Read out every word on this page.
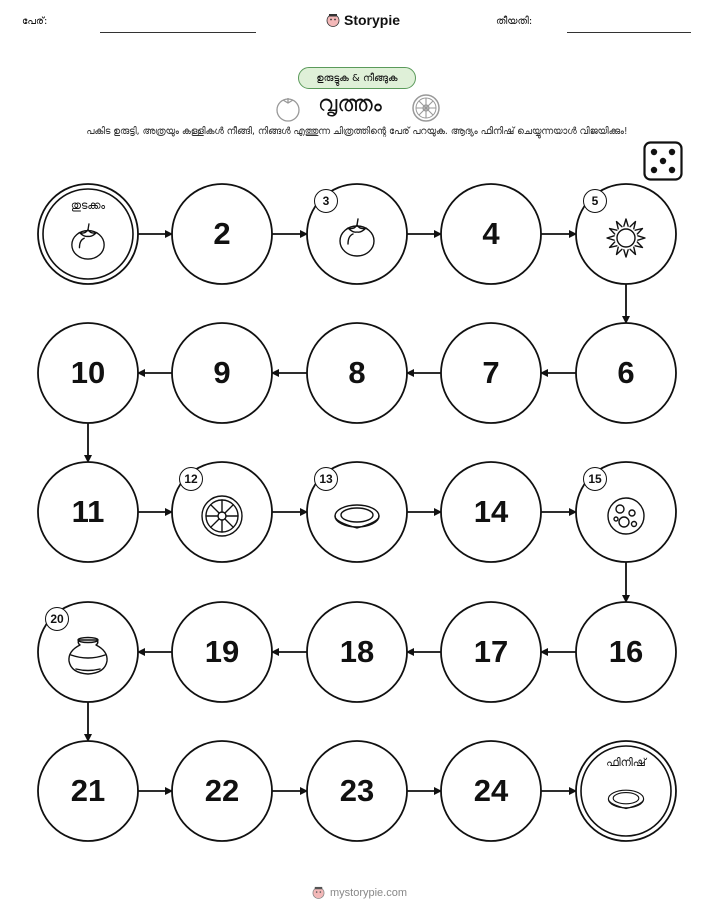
പേര്:	Storypie	തീയതി:
ഉരുട്ടുക & നീങ്ങുക
വൃത്തം
പകിട ഉരുട്ടി, അത്രയും കള്ളികൾ നീങ്ങി, നിങ്ങൾ എത്തുന്ന ചിത്രത്തിന്റെ പേര് പറയുക. ആദ്യം ഫിനിഷ് ചെയ്യുന്നയാൾ വിജയിക്കും!
തുടക്കം
2
3
4
5
6
7
8
9
10
11
12	13
14
15
16
17
18
19
20
21	22	23	24
ഫിനിഷ്
mystorypie.com
